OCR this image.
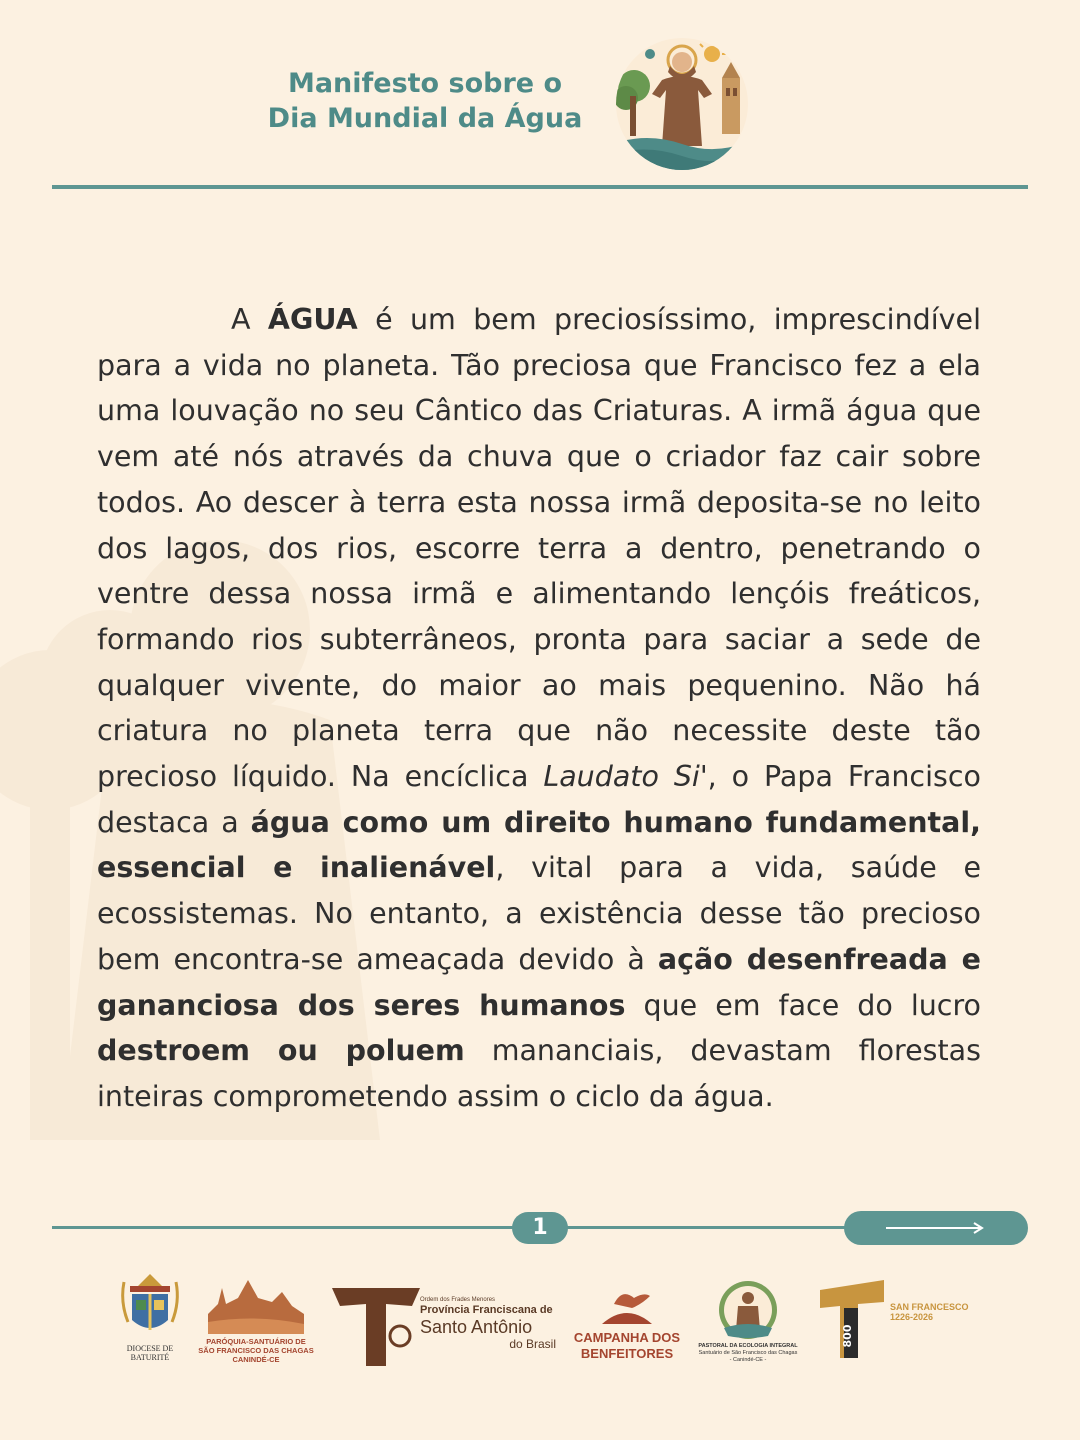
Manifesto sobre o
Dia Mundial da Água
A ÁGUA é um bem preciosíssimo, imprescindível para a vida no planeta. Tão preciosa que Francisco fez a ela uma louvação no seu Cântico das Criaturas. A irmã água que vem até nós através da chuva que o criador faz cair sobre todos. Ao descer à terra esta nossa irmã deposita-se no leito dos lagos, dos rios, escorre terra a dentro, penetrando o ventre dessa nossa irmã e alimentando lençóis freáticos, formando rios subterrâneos, pronta para saciar a sede de qualquer vivente, do maior ao mais pequenino. Não há criatura no planeta terra que não necessite deste tão precioso líquido. Na encíclica Laudato Si', o Papa Francisco destaca a água como um direito humano fundamental, essencial e inalienável, vital para a vida, saúde e ecossistemas. No entanto, a existência desse tão precioso bem encontra-se ameaçada devido à ação desenfreada e gananciosa dos seres humanos que em face do lucro destroem ou poluem mananciais, devastam florestas inteiras comprometendo assim o ciclo da água.
1
DIOCESE DE BATURITÉ
PARÓQUIA-SANTUÁRIO DE
SÃO FRANCISCO DAS CHAGAS
CANINDÉ-CE
Ordem dos Frades Menores
Província Franciscana de
Santo Antônio
do Brasil CAMPANHA DOS
BENFEITORES	PASTORAL DA ECOLOGIA INTEGRAL
Santuário de São Francisco das Chagas
- Canindé-CE -
800
SAN FRANCESCO
1226-2026
